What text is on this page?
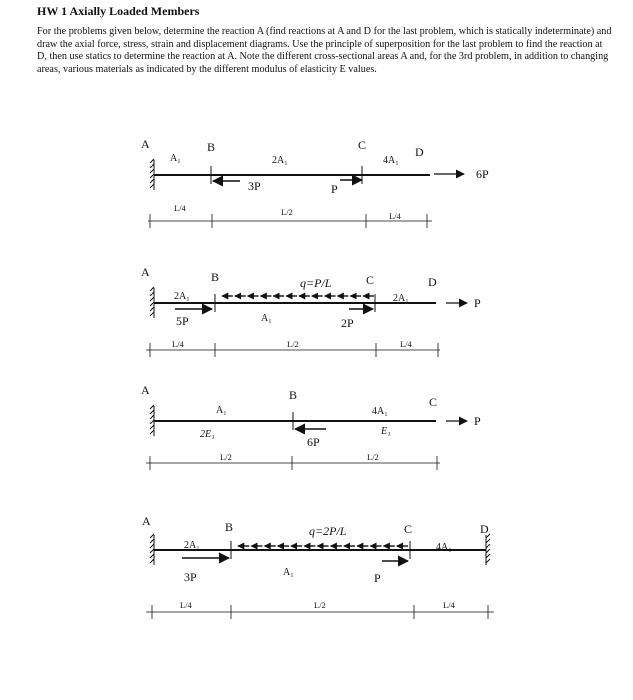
HW 1 Axially Loaded Members

For the problems given below, determine the reaction A (find reactions at A and D for the last problem, which is statically indeterminate) and draw the axial force, stress, strain and displacement diagrams. Use the principle of superposition for the last problem to find the reaction at D, then use statics to determine the reaction at A. Note the different cross-sectional areas A and, for the 3rd problem, in addition to changing areas, various materials as indicated by the different modulus of elasticity E values.

A	B	C	D
A₁	2A₁	4A₁
3P	P
6P
L/4	L/2	L/4
A	B	C	D
2A₁
A₁
2A₁
q=P/L
5P	2P
P
L/4	L/2	L/4
A	B	C
A₁	4A₁
2E₁	E₁
6P
P
L/2	L/2
A	B	C	D
2A₁
A₁
4A₁
q=2P/L
3P	P
L/4	L/2	L/4
